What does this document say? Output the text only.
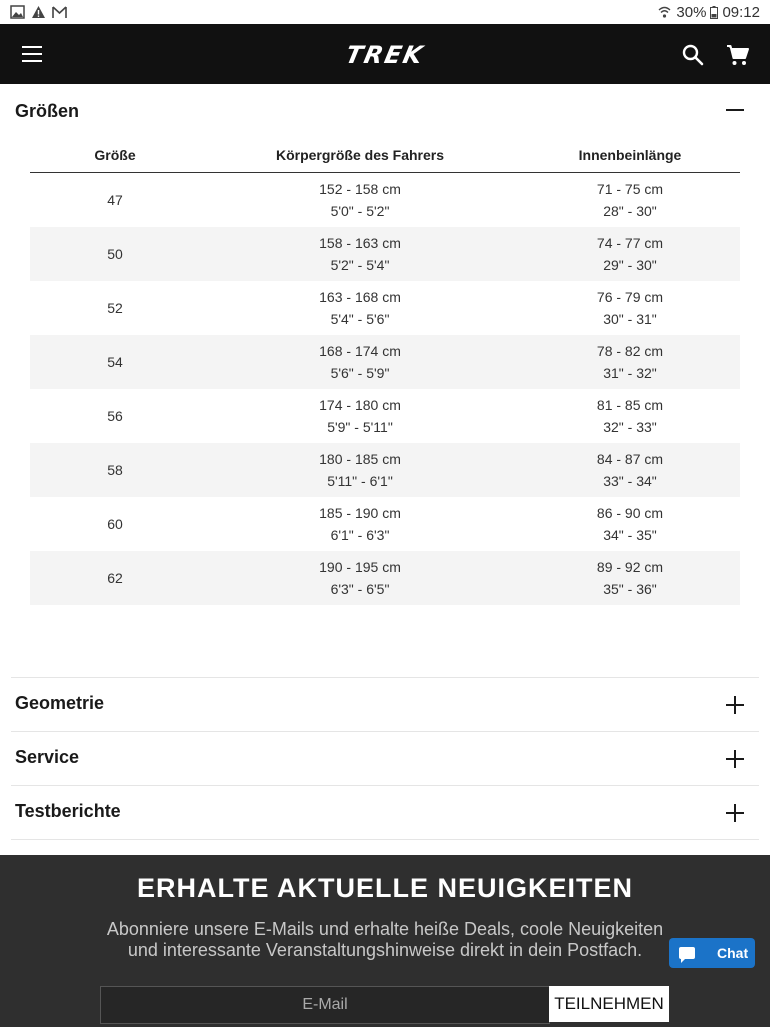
30% 09:12
TREK
Größen
Größe	Körpergröße des Fahrers	Innenbeinlänge
47
152 - 158 cm
5'0" - 5'2"
71 - 75 cm
28" - 30"
50
158 - 163 cm
5'2" - 5'4"
74 - 77 cm
29" - 30"
52
163 - 168 cm
5'4" - 5'6"
76 - 79 cm
30" - 31"
54
168 - 174 cm
5'6" - 5'9"
78 - 82 cm
31" - 32"
56
174 - 180 cm
5'9" - 5'11"
81 - 85 cm
32" - 33"
58
180 - 185 cm
5'11" - 6'1"
84 - 87 cm
33" - 34"
60
185 - 190 cm
6'1" - 6'3"
86 - 90 cm
34" - 35"
62
190 - 195 cm
6'3" - 6'5"
89 - 92 cm
35" - 36"
Geometrie
Service
Testberichte
ERHALTE AKTUELLE NEUIGKEITEN
Abonniere unsere E-Mails und erhalte heiße Deals, coole Neuigkeiten und interessante Veranstaltungshinweise direkt in dein Postfach.
E-Mail
TEILNEHMEN
Chat
